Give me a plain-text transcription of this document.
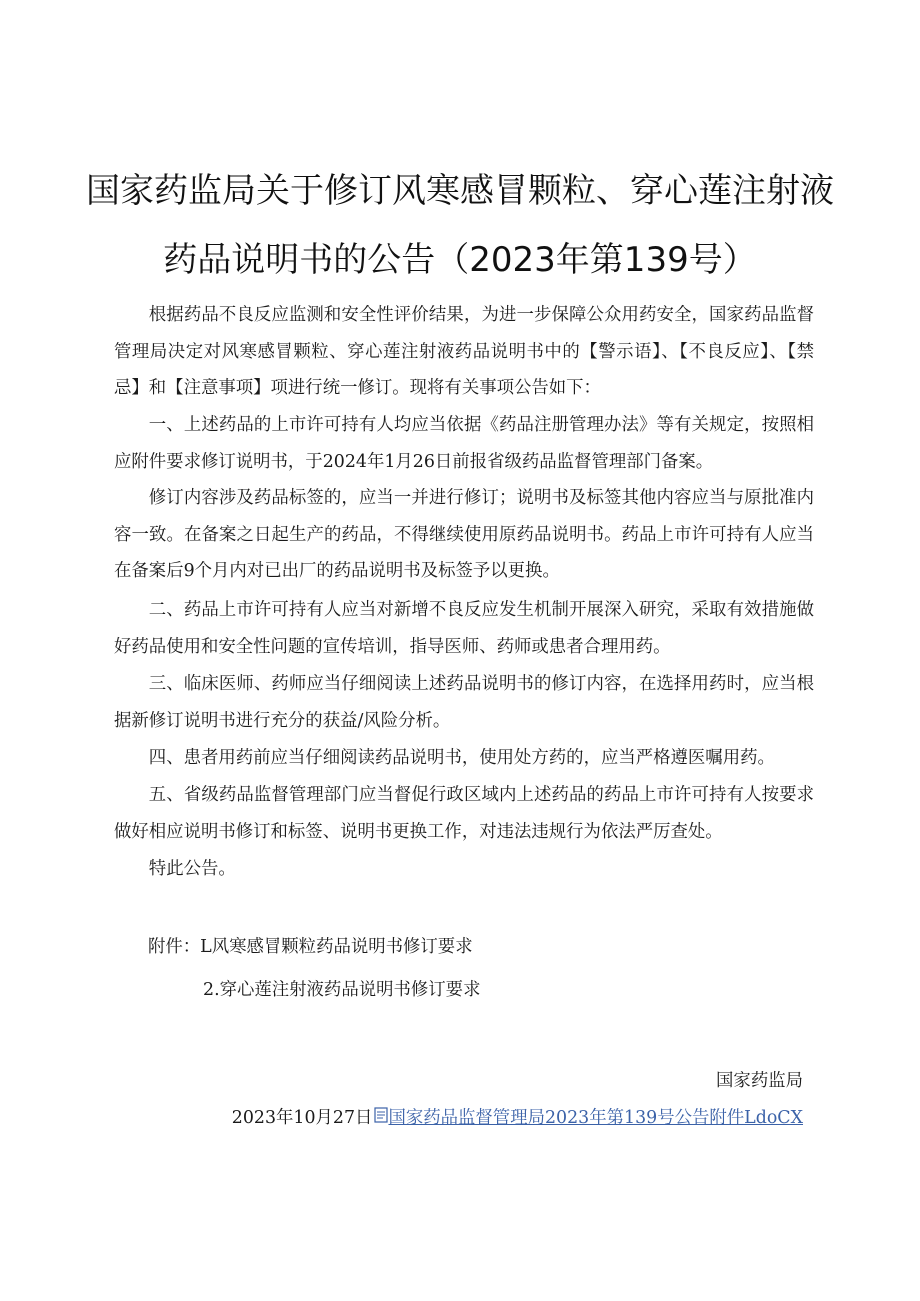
国家药监局关于修订风寒感冒颗粒、穿心莲注射液
药品说明书的公告（2023年第139号）

根据药品不良反应监测和安全性评价结果，为进一步保障公众用药安全，国家药品监督管理局决定对风寒感冒颗粒、穿心莲注射液药品说明书中的【警示语】、【不良反应】、【禁忌】和【注意事项】项进行统一修订。现将有关事项公告如下：

一、上述药品的上市许可持有人均应当依据《药品注册管理办法》等有关规定，按照相应附件要求修订说明书，于2024年1月26日前报省级药品监督管理部门备案。

修订内容涉及药品标签的，应当一并进行修订；说明书及标签其他内容应当与原批准内容一致。在备案之日起生产的药品，不得继续使用原药品说明书。药品上市许可持有人应当在备案后9个月内对已出厂的药品说明书及标签予以更换。

二、药品上市许可持有人应当对新增不良反应发生机制开展深入研究，采取有效措施做好药品使用和安全性问题的宣传培训，指导医师、药师或患者合理用药。

三、临床医师、药师应当仔细阅读上述药品说明书的修订内容，在选择用药时，应当根据新修订说明书进行充分的获益/风险分析。

四、患者用药前应当仔细阅读药品说明书，使用处方药的，应当严格遵医嘱用药。

五、省级药品监督管理部门应当督促行政区域内上述药品的药品上市许可持有人按要求做好相应说明书修订和标签、说明书更换工作，对违法违规行为依法严厉查处。

特此公告。

附件：L风寒感冒颗粒药品说明书修订要求
2.穿心莲注射液药品说明书修订要求
国家药监局
2023年10月27日 国家药品监督管理局2023年第139号公告附件LdoCX
